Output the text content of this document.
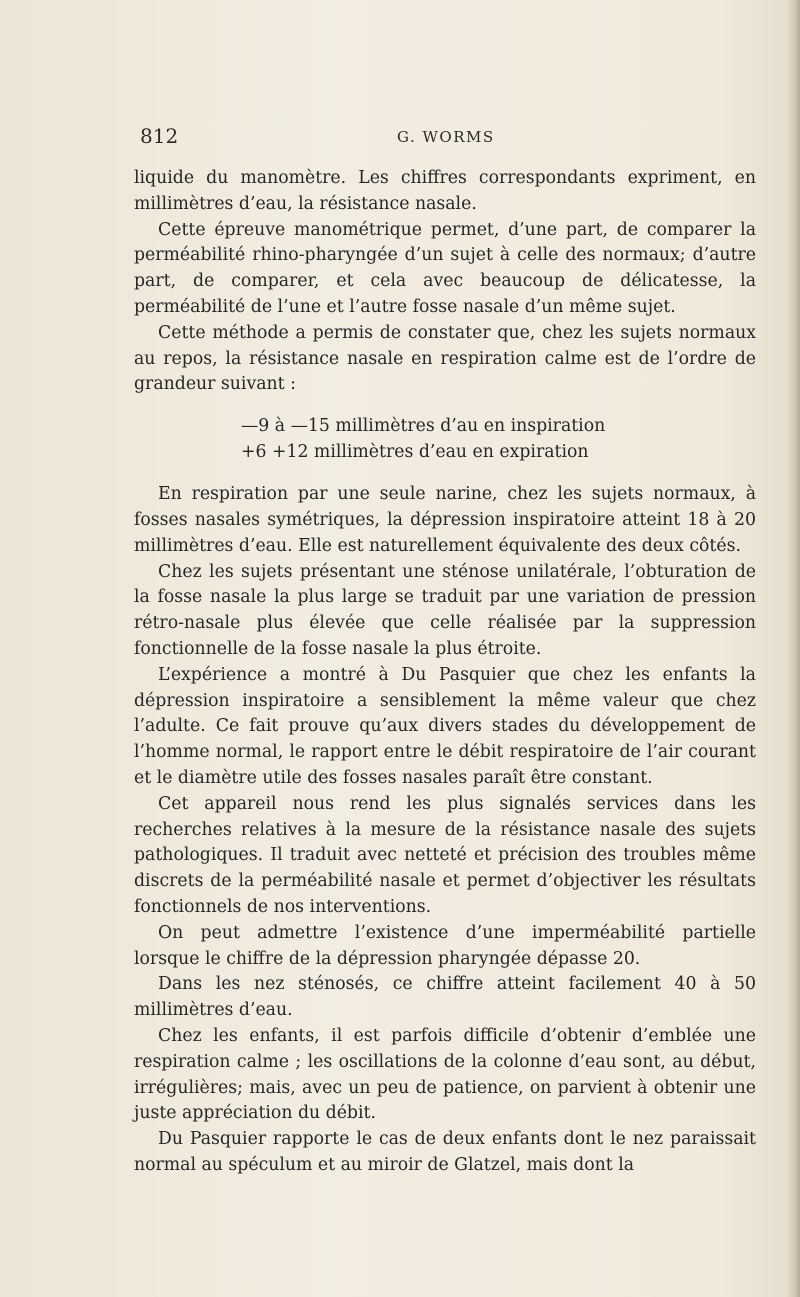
812	G. WORMS

liquide du manomètre. Les chiffres correspondants expriment, en millimètres d’eau, la résistance nasale.

Cette épreuve manométrique permet, d’une part, de comparer la perméabilité rhino-pharyngée d’un sujet à celle des normaux; d’autre part, de comparer, et cela avec beaucoup de délicatesse, la perméabilité de l’une et l’autre fosse nasale d’un même sujet.

Cette méthode a permis de constater que, chez les sujets normaux au repos, la résistance nasale en respiration calme est de l’ordre de grandeur suivant :

—9 à —15 millimètres d’au en inspiration
+6 +12 millimètres d’eau en expiration

En respiration par une seule narine, chez les sujets normaux, à fosses nasales symétriques, la dépression inspiratoire atteint 18 à 20 millimètres d’eau. Elle est naturellement équivalente des deux côtés.

Chez les sujets présentant une sténose unilatérale, l’obturation de la fosse nasale la plus large se traduit par une variation de pression rétro-nasale plus élevée que celle réalisée par la suppression fonctionnelle de la fosse nasale la plus étroite.

L’expérience a montré à Du Pasquier que chez les enfants la dépression inspiratoire a sensiblement la même valeur que chez l’adulte. Ce fait prouve qu’aux divers stades du développement de l’homme normal, le rapport entre le débit respiratoire de l’air courant et le diamètre utile des fosses nasales paraît être constant.

Cet appareil nous rend les plus signalés services dans les recherches relatives à la mesure de la résistance nasale des sujets pathologiques. Il traduit avec netteté et précision des troubles même discrets de la perméabilité nasale et permet d’objectiver les résultats fonctionnels de nos interventions.

On peut admettre l’existence d’une imperméabilité partielle lorsque le chiffre de la dépression pharyngée dépasse 20.

Dans les nez sténosés, ce chiffre atteint facilement 40 à 50 millimètres d’eau.

Chez les enfants, il est parfois difficile d’obtenir d’emblée une respiration calme ; les oscillations de la colonne d’eau sont, au début, irrégulières; mais, avec un peu de patience, on parvient à obtenir une juste appréciation du débit.

Du Pasquier rapporte le cas de deux enfants dont le nez paraissait normal au spéculum et au miroir de Glatzel, mais dont la
